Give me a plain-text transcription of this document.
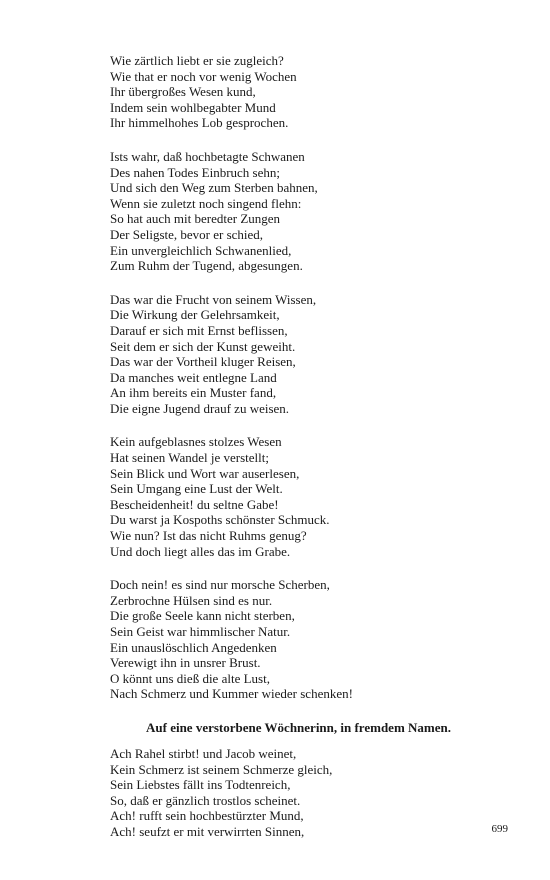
Wie zärtlich liebt er sie zugleich?
Wie that er noch vor wenig Wochen
Ihr übergroßes Wesen kund,
Indem sein wohlbegabter Mund
Ihr himmelhohes Lob gesprochen.
Ists wahr, daß hochbetagte Schwanen
Des nahen Todes Einbruch sehn;
Und sich den Weg zum Sterben bahnen,
Wenn sie zuletzt noch singend flehn:
So hat auch mit beredter Zungen
Der Seligste, bevor er schied,
Ein unvergleichlich Schwanenlied,
Zum Ruhm der Tugend, abgesungen.
Das war die Frucht von seinem Wissen,
Die Wirkung der Gelehrsamkeit,
Darauf er sich mit Ernst beflissen,
Seit dem er sich der Kunst geweiht.
Das war der Vortheil kluger Reisen,
Da manches weit entlegne Land
An ihm bereits ein Muster fand,
Die eigne Jugend drauf zu weisen.
Kein aufgeblasnes stolzes Wesen
Hat seinen Wandel je verstellt;
Sein Blick und Wort war auserlesen,
Sein Umgang eine Lust der Welt.
Bescheidenheit! du seltne Gabe!
Du warst ja Kospoths schönster Schmuck.
Wie nun? Ist das nicht Ruhms genug?
Und doch liegt alles das im Grabe.
Doch nein! es sind nur morsche Scherben,
Zerbrochne Hülsen sind es nur.
Die große Seele kann nicht sterben,
Sein Geist war himmlischer Natur.
Ein unauslöschlich Angedenken
Verewigt ihn in unsrer Brust.
O könnt uns dieß die alte Lust,
Nach Schmerz und Kummer wieder schenken!
Auf eine verstorbene Wöchnerinn, in fremdem Namen.
Ach Rahel stirbt! und Jacob weinet,
Kein Schmerz ist seinem Schmerze gleich,
Sein Liebstes fällt ins Todtenreich,
So, daß er gänzlich trostlos scheinet.
Ach! rufft sein hochbestürzter Mund,
Ach! seufzt er mit verwirrten Sinnen,	699
